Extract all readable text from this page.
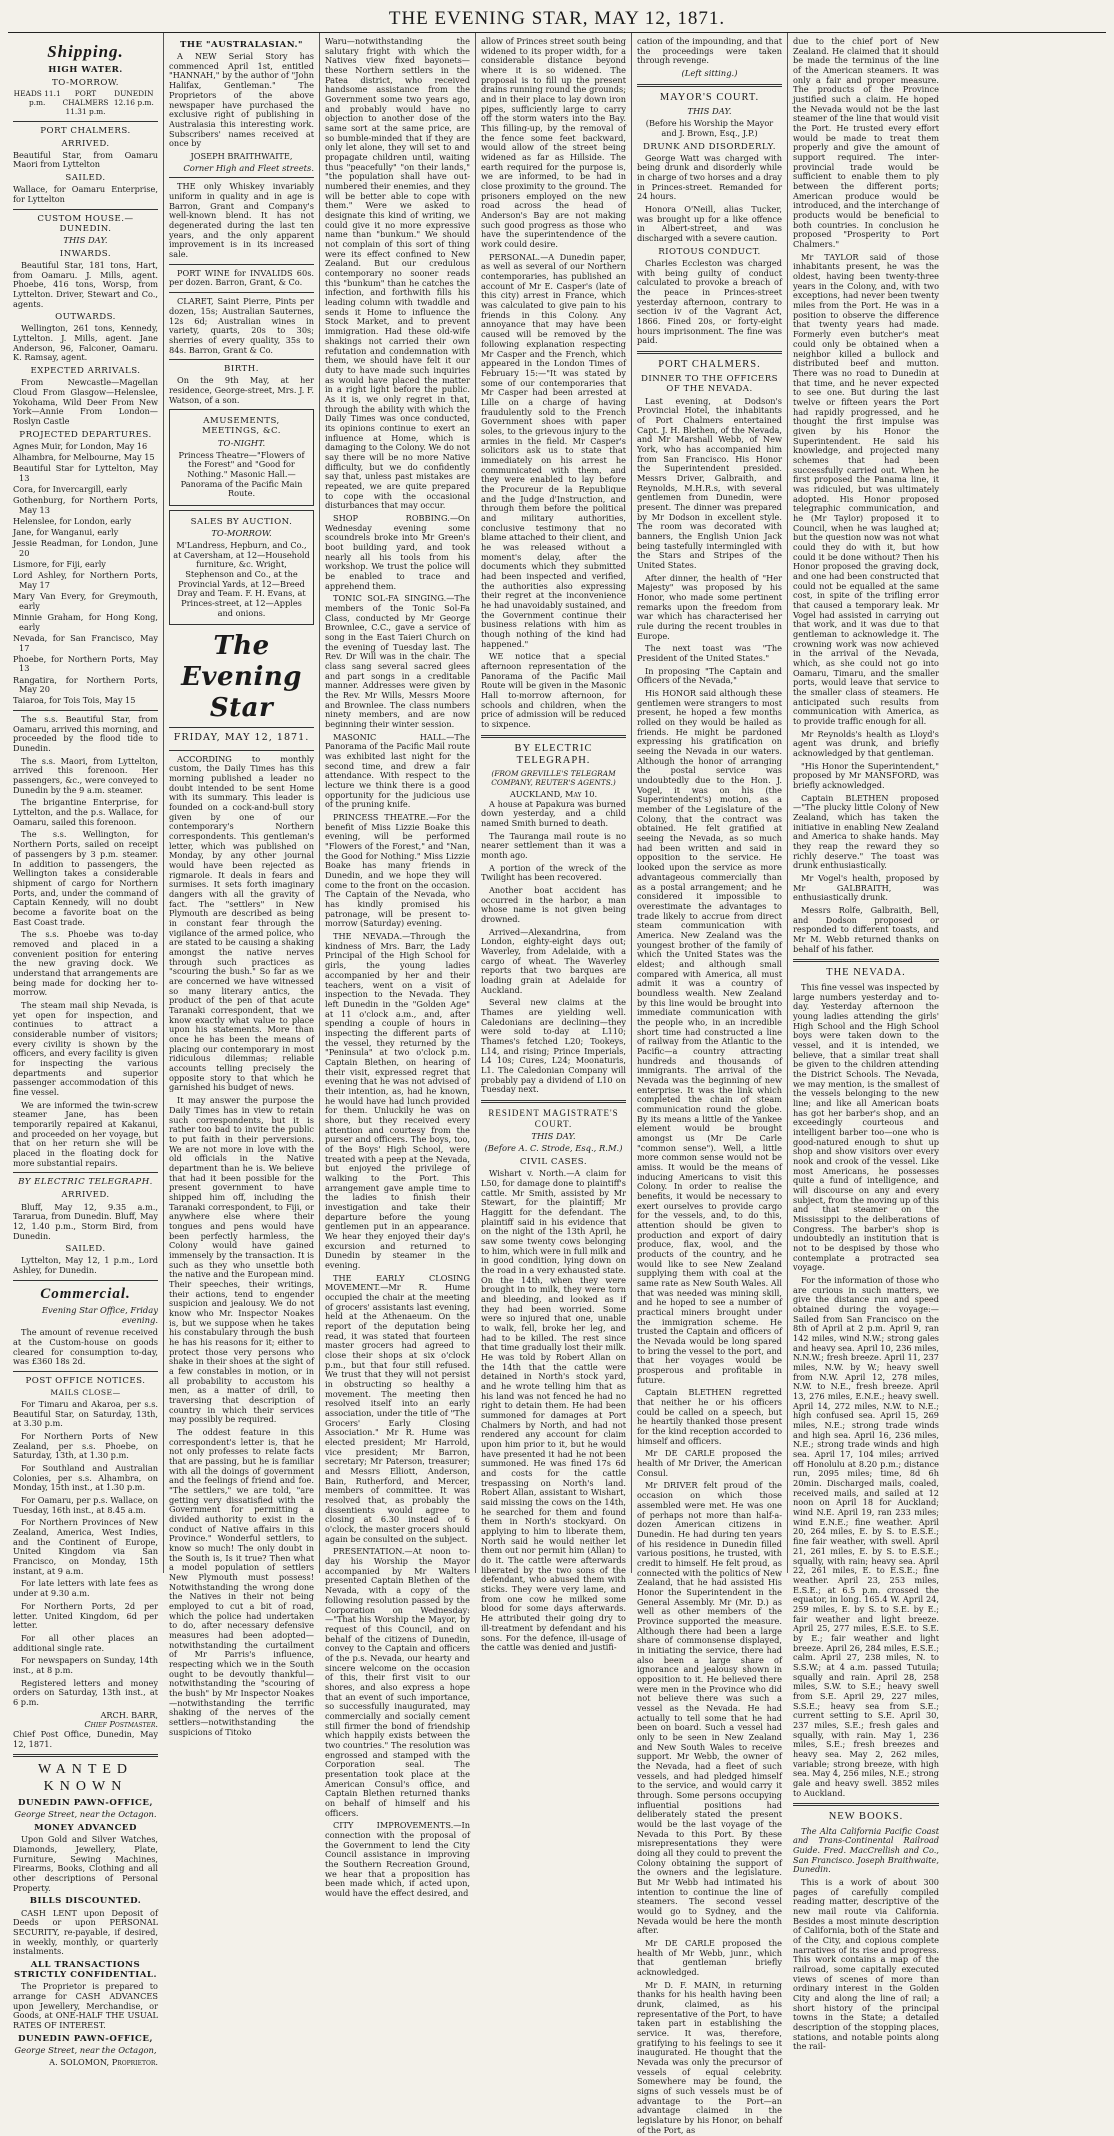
THE EVENING STAR, MAY 12, 1871.
Shipping.
HIGH WATER.
TO-MORROW.
HEADS 11.1 p.m.
PORT CHALMERS 11.31 p.m.
DUNEDIN 12.16 p.m.
PORT CHALMERS.
ARRIVED.

Beautiful Star, from Oamaru Maori from Lyttelton

SAILED.

Wallace, for Oamaru Enterprise, for Lyttelton

CUSTOM HOUSE.—DUNEDIN.
THIS DAY.
INWARDS.

Beautiful Star, 181 tons, Hart, from Oamaru. J. Mills, agent. Phoebe, 416 tons, Worsp, from Lyttelton. Driver, Stewart and Co., agents.

OUTWARDS.

Wellington, 261 tons, Kennedy, Lyttelton. J. Mills, agent. Jane Anderson, 96, Falconer, Oamaru. K. Ramsay, agent.

EXPECTED ARRIVALS.

From Newcastle—Magellan Cloud From Glasgow—Helenslee, Yokohama, Wild Deer From New York—Annie From London—Roslyn Castle

PROJECTED DEPARTURES.

Agnes Muir, for London, May 16

Alhambra, for Melbourne, May 15

Beautiful Star for Lyttelton, May 13

Cora, for Invercargill, early

Gothenburg, for Northern Ports, May 13

Helenslee, for London, early

Jane, for Wanganui, early

Jessie Readman, for London, June 20

Lismore, for Fiji, early

Lord Ashley, for Northern Ports, May 17

Mary Van Every, for Greymouth, early

Minnie Graham, for Hong Kong, early

Nevada, for San Francisco, May 17

Phoebe, for Northern Ports, May 13

Rangatira, for Northern Ports, May 20

Taiaroa, for Tois Tois, May 15

The s.s. Beautiful Star, from Oamaru, arrived this morning, and proceeded by the flood tide to Dunedin.

The s.s. Maori, from Lyttelton, arrived this forenoon. Her passengers, &c., were conveyed to Dunedin by the 9 a.m. steamer.

The brigantine Enterprise, for Lyttelton, and the p.s. Wallace, for Oamaru, sailed this forenoon.

The s.s. Wellington, for Northern Ports, sailed on receipt of passengers by 3 p.m. steamer. In addition to passengers, the Wellington takes a considerable shipment of cargo for Northern Ports, and, under the command of Captain Kennedy, will no doubt become a favorite boat on the East Coast trade.

The s.s. Phoebe was to-day removed and placed in a convenient position for entering the new graving dock. We understand that arrangements are being made for docking her to-morrow.

The steam mail ship Nevada, is yet open for inspection, and continues to attract a considerable number of visitors; every civility is shown by the officers, and every facility is given for inspecting the various departments and superior passenger accommodation of this fine vessel.

We are informed the twin-screw steamer Jane, has been temporarily repaired at Kakanui, and proceeded on her voyage, but that on her return she will be placed in the floating dock for more substantial repairs.

BY ELECTRIC TELEGRAPH.
ARRIVED.

Bluff, May 12, 9.35 a.m., Tararua, from Dunedin. Bluff, May 12, 1.40 p.m., Storm Bird, from Dunedin.

SAILED.

Lyttelton, May 12, 1 p.m., Lord Ashley, for Dunedin.

Commercial.
Evening Star Office, Friday evening.

The amount of revenue received at the Custom-house on goods cleared for consumption to-day, was £360 18s 2d.

POST OFFICE NOTICES.
MAILS CLOSE—

For Timaru and Akaroa, per s.s. Beautiful Star, on Saturday, 13th, at 3.30 p.m.

For Northern Ports of New Zealand, per s.s. Phoebe, on Saturday, 13th, at 1.30 p.m.

For Southland and Australian Colonies, per s.s. Alhambra, on Monday, 15th inst., at 1.30 p.m.

For Oamaru, per p.s. Wallace, on Tuesday, 16th inst., at 8.45 a.m.

For Northern Provinces of New Zealand, America, West Indies, and the Continent of Europe, United Kingdom via San Francisco, on Monday, 15th instant, at 9 a.m.

For late letters with late fees as under at 9.30 a.m.

For Northern Ports, 2d per letter. United Kingdom, 6d per letter.

For all other places an additional single rate.

For newspapers on Sunday, 14th inst., at 8 p.m.

Registered letters and money orders on Saturday, 13th inst., at 6 p.m.

ARCH. BARR,
Chief Postmaster.

Chief Post Office, Dunedin, May 12, 1871.

WANTED KNOWN
DUNEDIN PAWN-OFFICE,
George Street, near the Octagon.
MONEY ADVANCED

Upon Gold and Silver Watches, Diamonds, Jewellery, Plate, Furniture, Sewing Machines, Firearms, Books, Clothing and all other descriptions of Personal Property.

BILLS DISCOUNTED.

CASH LENT upon Deposit of Deeds or upon PERSONAL SECURITY, re-payable, if desired, in weekly, monthly, or quarterly instalments.

ALL TRANSACTIONS STRICTLY CONFIDENTIAL.

The Proprietor is prepared to arrange for CASH ADVANCES upon Jewellery, Merchandise, or Goods, at ONE-HALF THE USUAL RATES OF INTEREST.

DUNEDIN PAWN-OFFICE,
George Street, near the Octagon,
A. SOLOMON, Proprietor.
THE "AUSTRALASIAN."

A NEW Serial Story has commenced April 1st, entitled "HANNAH," by the author of "John Halifax, Gentleman." The Proprietors of the above newspaper have purchased the exclusive right of publishing in Australasia this interesting work. Subscribers' names received at once by

JOSEPH BRAITHWAITE,
Corner High and Fleet streets.

THE only Whiskey invariably uniform in quality and in age is Barron, Grant and Company's well-known blend. It has not degenerated during the last ten years, and the only apparent improvement is in its increased sale.

PORT WINE for INVALIDS 60s. per dozen. Barron, Grant, & Co.

CLARET, Saint Pierre, Pints per dozen, 15s; Australian Sauternes, 12s 6d; Australian wines in variety, quarts, 20s to 30s; sherries of every quality, 35s to 84s. Barron, Grant & Co.

BIRTH.

On the 9th May, at her residence, George-street, Mrs. J. F. Watson, of a son.

AMUSEMENTS, MEETINGS, &C.
TO-NIGHT.

Princess Theatre—"Flowers of the Forest" and "Good for Nothing." Masonic Hall.—Panorama of the Pacific Main Route.

SALES BY AUCTION.
TO-MORROW.

M'Landress, Hepburn, and Co., at Caversham, at 12—Household furniture, &c. Wright, Stephenson and Co., at the Provincial Yards, at 12—Breed Dray and Team. F. H. Evans, at Princes-street, at 12—Apples and onions.

The Evening Star
FRIDAY, MAY 12, 1871.

ACCORDING to monthly custom, the Daily Times has this morning published a leader no doubt intended to be sent Home with its summary. This leader is founded on a cock-and-bull story given by one of our contemporary's Northern correspondents. This gentleman's letter, which was published on Monday, by any other journal would have been rejected as rigmarole. It deals in fears and surmises. It sets forth imaginary dangers with all the gravity of fact. The "settlers" in New Plymouth are described as being in constant fear through the vigilance of the armed police, who are stated to be causing a shaking amongst the native nerves through such practices as "scouring the bush." So far as we are concerned we have witnessed so many literary antics, the product of the pen of that acute Taranaki correspondent, that we know exactly what value to place upon his statements. More than once he has been the means of placing our contemporary in most ridiculous dilemmas; reliable accounts telling precisely the opposite story to that which he garnished his budget of news.

It may answer the purpose the Daily Times has in view to retain such correspondents, but it is rather too bad to invite the public to put faith in their perversions. We are not more in love with the old officials in the Native department than he is. We believe that had it been possible for the present government to have shipped him off, including the Taranaki correspondent, to Fiji, or anywhere else where their tongues and pens would have been perfectly harmless, the Colony would have gained immensely by the transaction. It is such as they who unsettle both the native and the European mind. Their speeches, their writings, their actions, tend to engender suspicion and jealousy. We do not know who Mr. Inspector Noakes is, but we suppose when he takes his constabulary through the bush he has his reasons for it; either to protect those very persons who shake in their shoes at the sight of a few constables in motion, or in all probability to accustom his men, as a matter of drill, to traversing that description of country in which their services may possibly be required.

The oddest feature in this correspondent's letter is, that he not only professes to relate facts that are passing, but he is familiar with all the doings of government and the feelings of friend and foe. "The settlers," we are told, "are getting very dissatisfied with the Government for permitting a divided authority to exist in the conduct of Native affairs in this Province." Wonderful settlers, to know so much! The only doubt in the South is, Is it true? Then what a model population of settlers New Plymouth must possess! Notwithstanding the wrong done the Natives in their not being employed to cut a bit of road, which the police had undertaken to do, after necessary defensive measures had been adopted—notwithstanding the curtailment of Mr Parris's influence, respecting which we in the South ought to be devoutly thankful—notwithstanding the "scouring of the bush" by Mr Inspector Noakes—notwithstanding the terrific shaking of the nerves of the settlers—notwithstanding the suspicions of Titoko

Waru—notwithstanding the salutary fright with which the Natives view fixed bayonets—these Northern settlers in the Patea district, who received handsome assistance from the Government some two years ago, and probably would have no objection to another dose of the same sort at the same price, are so bumble-minded that if they are only let alone, they will set to and propagate children until, waiting thus "peacefully" "on their lands," "the population shall have out-numbered their enemies, and they will be better able to cope with them." Were we asked to designate this kind of writing, we could give it no more expressive name than "bunkum." We should not complain of this sort of thing were its effect confined to New Zealand. But our credulous contemporary no sooner reads this "bunkum" than he catches the infection, and forthwith fills his leading column with twaddle and sends it Home to influence the Stock Market, and to prevent immigration. Had these old-wife shakings not carried their own refutation and condemnation with them, we should have felt it our duty to have made such inquiries as would have placed the matter in a right light before the public. As it is, we only regret in that, through the ability with which the Daily Times was once conducted, its opinions continue to exert an influence at Home, which is damaging to the Colony. We do not say there will be no more Native difficulty, but we do confidently say that, unless past mistakes are repeated, we are quite prepared to cope with the occasional disturbances that may occur.

SHOP ROBBING.—On Wednesday evening some scoundrels broke into Mr Green's boot building yard, and took nearly all his tools from his workshop. We trust the police will be enabled to trace and apprehend them.

TONIC SOL-FA SINGING.—The members of the Tonic Sol-Fa Class, conducted by Mr George Brownlee, C.C., gave a service of song in the East Taieri Church on the evening of Tuesday last. The Rev. Dr Will was in the chair. The class sang several sacred glees and part songs in a creditable manner. Addresses were given by the Rev. Mr Wills, Messrs Moore and Brownlee. The class numbers ninety members, and are now beginning their winter session.

MASONIC HALL.—The Panorama of the Pacific Mail route was exhibited last night for the second time, and drew a fair attendance. With respect to the lecture we think there is a good opportunity for the judicious use of the pruning knife.

PRINCESS THEATRE.—For the benefit of Miss Lizzie Boake this evening, will be performed "Flowers of the Forest," and "Nan, the Good for Nothing." Miss Lizzie Boake has many friends in Dunedin, and we hope they will come to the front on the occasion. The Captain of the Nevada, who has kindly promised his patronage, will be present to-morrow (Saturday) evening.

THE NEVADA.—Through the kindness of Mrs. Barr, the Lady Principal of the High School for girls, the young ladies accompanied by her and their teachers, went on a visit of inspection to the Nevada. They left Dunedin in the "Golden Age" at 11 o'clock a.m., and, after spending a couple of hours in inspecting the different parts of the vessel, they returned by the "Peninsula" at two o'clock p.m. Captain Blethen, on hearing of their visit, expressed regret that evening that he was not advised of their intention, as, had he known, he would have had lunch provided for them. Unluckily he was on shore, but they received every attention and courtesy from the purser and officers. The boys, too, of the Boys' High School, were treated with a peep at the Nevada, but enjoyed the privilege of walking to the Port. This arrangement gave ample time to the ladies to finish their investigation and take their departure before the young gentlemen put in an appearance. We hear they enjoyed their day's excursion and returned to Dunedin by steamer in the evening.

THE EARLY CLOSING MOVEMENT.—Mr R. Hume occupied the chair at the meeting of grocers' assistants last evening, held at the Athenaeum. On the report of the deputation being read, it was stated that fourteen master grocers had agreed to close their shops at six o'clock p.m., but that four still refused. We trust that they will not persist in obstructing so healthy a movement. The meeting then resolved itself into an early association, under the title of "The Grocers' Early Closing Association." Mr R. Hume was elected president; Mr Harrold, vice president; Mr Barron, secretary; Mr Paterson, treasurer; and Messrs Elliott, Anderson, Bain, Rutherford, and Mercer, members of committee. It was resolved that, as probably the dissentients would agree to closing at 6.30 instead of 6 o'clock, the master grocers should again be consulted on the subject.

PRESENTATION.—At noon to-day his Worship the Mayor accompanied by Mr Walters presented Captain Blethen of the Nevada, with a copy of the following resolution passed by the Corporation on Wednesday:—"That his Worship the Mayor, by request of this Council, and on behalf of the citizens of Dunedin, convey to the Captain and officers of the p.s. Nevada, our hearty and sincere welcome on the occasion of this, their first visit to our shores, and also express a hope that an event of such importance, so successfully inaugurated, may commercially and socially cement still firmer the bond of friendship which happily exists between the two countries." The resolution was engrossed and stamped with the Corporation seal. The presentation took place at the American Consul's office, and Captain Blethen returned thanks on behalf of himself and his officers.

CITY IMPROVEMENTS.—In connection with the proposal of the Government to lend the City Council assistance in improving the Southern Recreation Ground, we hear that a proposition has been made which, if acted upon, would have the effect desired, and

allow of Princes street south being widened to its proper width, for a considerable distance beyond where it is so widened. The proposal is to fill up the present drains running round the grounds; and in their place to lay down iron pipes, sufficiently large to carry off the storm waters into the Bay. This filling-up, by the removal of the fence some feet backward, would allow of the street being widened as far as Hillside. The earth required for the purpose is, we are informed, to be had in close proximity to the ground. The prisoners employed on the new road across the head of Anderson's Bay are not making such good progress as those who have the superintendence of the work could desire.

PERSONAL.—A Dunedin paper, as well as several of our Northern contemporaries, has published an account of Mr E. Casper's (late of this city) arrest in France, which was calculated to give pain to his friends in this Colony. Any annoyance that may have been caused will be removed by the following explanation respecting Mr Casper and the French, which appeared in the London Times of February 15:—"It was stated by some of our contemporaries that Mr Casper had been arrested at Lille on a charge of having fraudulently sold to the French Government shoes with paper soles, to the grievous injury to the armies in the field. Mr Casper's solicitors ask us to state that immediately on his arrest he communicated with them, and they were enabled to lay before the Procureur de la Republique and the Judge d'Instruction, and through them before the political and military authorities, conclusive testimony that no blame attached to their client, and he was released without a moment's delay, after the documents which they submitted had been inspected and verified, the authorities also expressing their regret at the inconvenience he had unavoidably sustained, and the Government continue their business relations with him as though nothing of the kind had happened."

WE notice that a special afternoon representation of the Panorama of the Pacific Mail Route will be given in the Masonic Hall to-morrow afternoon, for schools and children, when the price of admission will be reduced to sixpence.

BY ELECTRIC TELEGRAPH.
(FROM GREVILLE'S TELEGRAM COMPANY, REUTER'S AGENTS.)
AUCKLAND, May 10.

A house at Papakura was burned down yesterday, and a child named Smith burned to death.

The Tauranga mail route is no nearer settlement than it was a month ago.

A portion of the wreck of the Twilight has been recovered.

Another boat accident has occurred in the harbor, a man whose name is not given being drowned.

Arrived—Alexandrina, from London, eighty-eight days out; Waverley, from Adelaide, with a cargo of wheat. The Waverley reports that two barques are loading grain at Adelaide for Auckland.

Several new claims at the Thames are yielding well. Caledonians are declining—they were sold to-day at L110; Thames's fetched L20; Tookeys, L14, and rising; Prince Imperials, L4 10s; Cures, L24; Moonaturis, L1. The Caledonian Company will probably pay a dividend of L10 on Tuesday next.

RESIDENT MAGISTRATE'S COURT.
THIS DAY.
(Before A. C. Strode, Esq., R.M.)
CIVIL CASES.

Wishart v. North.—A claim for L50, for damage done to plaintiff's cattle. Mr Smith, assisted by Mr Stewart, for the plaintiff; Mr Haggitt for the defendant. The plaintiff said in his evidence that on the night of the 13th April, he saw some twenty cows belonging to him, which were in full milk and in good condition, lying down on the road in a very exhausted state. On the 14th, when they were brought in to milk, they were torn and bleeding, and looked as if they had been worried. Some were so injured that one, unable to walk, fell, broke her leg, and had to be killed. The rest since that time gradually lost their milk. He was told by Robert Allan on the 14th that the cattle were detained in North's stock yard, and he wrote telling him that as his land was not fenced he had no right to detain them. He had been summoned for damages at Port Chalmers by North, and had not rendered any account for claim upon him prior to it, but he would have presented it had he not been summoned. He was fined 17s 6d and costs for the cattle trespassing on North's land. Robert Allan, assistant to Wishart, said missing the cows on the 14th, he searched for them and found them in North's stockyard. On applying to him to liberate them, North said he would neither let them out nor permit him (Allan) to do it. The cattle were afterwards liberated by the two sons of the defendant, who abused them with sticks. They were very lame, and from one cow he milked some blood for some days afterwards. He attributed their going dry to ill-treatment by defendant and his sons. For the defence, ill-usage of the cattle was denied and justifi-

cation of the impounding, and that the proceedings were taken through revenge.

(Left sitting.)
MAYOR'S COURT.
THIS DAY.

(Before his Worship the Mayor and J. Brown, Esq., J.P.)

DRUNK AND DISORDERLY.

George Watt was charged with being drunk and disorderly while in charge of two horses and a dray in Princes-street. Remanded for 24 hours.

Honora O'Neill, alias Tucker, was brought up for a like offence in Albert-street, and was discharged with a severe caution.

RIOTOUS CONDUCT.

Charles Eccleston was charged with being guilty of conduct calculated to provoke a breach of the peace in Princes-street yesterday afternoon, contrary to section iv of the Vagrant Act, 1866. Fined 20s, or forty-eight hours imprisonment. The fine was paid.

PORT CHALMERS.
DINNER TO THE OFFICERS OF THE NEVADA.

Last evening, at Dodson's Provincial Hotel, the inhabitants of Port Chalmers entertained Capt. J. H. Blethen, of the Nevada, and Mr Marshall Webb, of New York, who has accompanied him from San Francisco. His Honor the Superintendent presided. Messrs Driver, Galbraith, and Reynolds, M.H.R.s, with several gentlemen from Dunedin, were present. The dinner was prepared by Mr Dodson in excellent style. The room was decorated with banners, the English Union Jack being tastefully intermingled with the Stars and Stripes of the United States.

After dinner, the health of "Her Majesty" was proposed by his Honor, who made some pertinent remarks upon the freedom from war which has characterised her rule during the recent troubles in Europe.

The next toast was "The President of the United States."

In proposing "The Captain and Officers of the Nevada,"

His HONOR said although these gentlemen were strangers to most present, he hoped a few months rolled on they would be hailed as friends. He might be pardoned expressing his gratification on seeing the Nevada in our waters. Although the honor of arranging the postal service was undoubtedly due to the Hon. J. Vogel, it was on his (the Superintendent's) motion, as a member of the Legislature of the Colony, that the contract was obtained. He felt gratified at seeing the Nevada, as so much had been written and said in opposition to the service. He looked upon the service as more advantageous commercially than as a postal arrangement; and he considered it impossible to overestimate the advantages to trade likely to accrue from direct steam communication with America. New Zealand was the youngest brother of the family of which the United States was the eldest; and although small compared with America, all must admit it was a country of boundless wealth. New Zealand by this line would be brought into immediate communication with the people who, in an incredible short time had constructed a line of railway from the Atlantic to the Pacific—a country attracting hundreds and thousands of immigrants. The arrival of the Nevada was the beginning of new enterprise. It was the link which completed the chain of steam communication round the globe. By its means a little of the Yankee element would be brought amongst us (Mr De Carle "common sense"). Well, a little more common sense would not be amiss. It would be the means of inducing Americans to visit this Colony. In order to realise the benefits, it would be necessary to exert ourselves to provide cargo for the vessels, and, to do this, attention should be given to production and export of dairy produce, flax, wool, and the products of the country, and he would like to see New Zealand supplying them with coal at the same rate as New South Wales. All that was needed was mining skill, and he hoped to see a number of practical miners brought under the immigration scheme. He trusted the Captain and officers of the Nevada would be long spared to bring the vessel to the port, and that her voyages would be prosperous and profitable in future.

Captain BLETHEN regretted that neither he or his officers could be called on a speech, but he heartily thanked those present for the kind reception accorded to himself and officers.

Mr DE CARLE proposed the health of Mr Driver, the American Consul.

Mr DRIVER felt proud of the occasion on which those assembled were met. He was one of perhaps not more than half-a-dozen American citizens in Dunedin. He had during ten years of his residence in Dunedin filled various positions, he trusted, with credit to himself. He felt proud, as connected with the politics of New Zealand, that he had assisted His Honor the Superintendent in the General Assembly. Mr (Mr. D.) as well as other members of the Province supported the measure. Although there had been a large share of commonsense displayed, in initiating the service, there had also been a large share of ignorance and jealousy shown in opposition to it. He believed there were men in the Province who did not believe there was such a vessel as the Nevada. He had actually to tell some that he had been on board. Such a vessel had only to be seen in New Zealand and New South Wales to receive support. Mr Webb, the owner of the Nevada, had a fleet of such vessels, and had pledged himself to the service, and would carry it through. Some persons occupying influential positions had deliberately stated the present would be the last voyage of the Nevada to this Port. By these misrepresentations they were doing all they could to prevent the Colony obtaining the support of the owners and the legislature. But Mr Webb had intimated his intention to continue the line of steamers. The second vessel would go to Sydney, and the Nevada would be here the month after.

Mr DE CARLE proposed the health of Mr Webb, junr., which that gentleman briefly acknowledged.

Mr D. F. MAIN, in returning thanks for his health having been drunk, claimed, as his representative of the Port, to have taken part in establishing the service. It was, therefore, gratifying to his feelings to see it inaugurated. He thought that the Nevada was only the precursor of vessels of equal celebrity. Somewhere may be found, the signs of such vessels must be of advantage to the Port—an advantage claimed in the legislature by his Honor, on behalf of the Port, as

due to the chief port of New Zealand. He claimed that it should be made the terminus of the line of the American steamers. It was only a fair and proper measure. The products of the Province justified such a claim. He hoped the Nevada would not be the last steamer of the line that would visit the Port. He trusted every effort would be made to treat them properly and give the amount of support required. The inter-provincial trade would be sufficient to enable them to ply between the different ports; American produce would be introduced, and the interchange of products would be beneficial to both countries. In conclusion he proposed "Prosperity to Port Chalmers."

Mr TAYLOR said of those inhabitants present, he was the oldest, having been twenty-three years in the Colony, and, with two exceptions, had never been twenty miles from the Port. He was in a position to observe the difference that twenty years had made. Formerly even butcher's meat could only be obtained when a neighbor killed a bullock and distributed beef and mutton. There was no road to Dunedin at that time, and he never expected to see one. But during the last twelve or fifteen years the Port had rapidly progressed, and he thought the first impulse was given by his Honor the Superintendent. He said his knowledge, and projected many schemes that had been successfully carried out. When he first proposed the Panama line, it was ridiculed, but was ultimately adopted. His Honor proposed telegraphic communication, and he (Mr Taylor) proposed it to Council, when he was laughed at; but the question now was not what could they do with it, but how could it be done without? Then his Honor proposed the graving dock, and one had been constructed that could not be equalled at the same cost, in spite of the trifling error that caused a temporary leak. Mr Vogel had assisted in carrying out that work, and it was due to that gentleman to acknowledge it. The crowning work was now achieved in the arrival of the Nevada, which, as she could not go into Oamaru, Timaru, and the smaller ports, would leave that service to the smaller class of steamers. He anticipated such results from communication with America, as to provide traffic enough for all.

Mr Reynolds's health as Lloyd's agent was drunk, and briefly acknowledged by that gentleman.

"His Honor the Superintendent," proposed by Mr MANSFORD, was briefly acknowledged.

Captain BLETHEN proposed—"The plucky little Colony of New Zealand, which has taken the initiative in enabling New Zealand and America to shake hands. May they reap the reward they so richly deserve." The toast was drunk enthusiastically.

Mr Vogel's health, proposed by Mr GALBRAITH, was enthusiastically drunk.

Messrs Rolfe, Galbraith, Bell, and Dodson proposed or responded to different toasts, and Mr M. Webb returned thanks on behalf of his father.

THE NEVADA.

This fine vessel was inspected by large numbers yesterday and to-day. Yesterday afternoon the young ladies attending the girls' High School and the High School boys were taken down to the vessel, and it is intended, we believe, that a similar treat shall be given to the children attending the District Schools. The Nevada, we may mention, is the smallest of the vessels belonging to the new line; and like all American boats has got her barber's shop, and an exceedingly courteous and intelligent barber too—one who is good-natured enough to shut up shop and show visitors over every nook and crook of the vessel. Like most Americans, he possesses quite a fund of intelligence, and will discourse on any and every subject, from the moving up of this and that steamer on the Mississippi to the deliberations of Congress. The barber's shop is undoubtedly an institution that is not to be despised by those who contemplate a protracted sea voyage.

For the information of those who are curious in such matters, we give the distance run and speed obtained during the voyage:—Sailed from San Francisco on the 8th of April at 2 p.m. April 9, ran 142 miles, wind N.W.; strong gales and heavy sea. April 10, 236 miles, N.N.W.; fresh breeze. April 11, 237 miles, N.W. by W.; heavy swell from N.W. April 12, 278 miles, N.W. to N.E., fresh breeze. April 13, 276 miles, E.N.E.; heavy swell. April 14, 272 miles, N.W. to N.E.; high confused sea. April 15, 269 miles, N.E.; strong trade winds and high sea. April 16, 236 miles, N.E.; strong trade winds and high sea. April 17, 104 miles; arrived off Honolulu at 8.20 p.m.; distance run, 2095 miles; time, 8d 6h 20min. Discharged mails, coaled, received mails, and sailed at 12 noon on April 18 for Auckland; wind N.E. April 19, ran 233 miles; wind E.N.E.; fine weather. April 20, 264 miles, E. by S. to E.S.E.; fine fair weather, with swell. April 21, 261 miles, E. by S. to E.S.E.; squally, with rain; heavy sea. April 22, 261 miles, E. to E.S.E.; fine weather. April 23, 253 miles, E.S.E.; at 6.5 p.m. crossed the equator, in long. 165.4 W. April 24, 259 miles, E. by S. to S.E. by E.; fair weather and light breeze. April 25, 277 miles, E.S.E. to S.E. by E.; fair weather and light breeze. April 26, 284 miles, E.S.E.; calm. April 27, 238 miles, N. to S.S.W.; at 4 a.m. passed Tutuila; squally and rain. April 28, 258 miles, S.W. to S.E.; heavy swell from S.E. April 29, 227 miles, S.S.E.; heavy sea from S.E.; current setting to S.E. April 30, 237 miles, S.E.; fresh gales and squally, with rain. May 1, 236 miles, S.E.; fresh breezes and heavy sea. May 2, 262 miles, variable; strong breeze, with high sea. May 4, 256 miles, N.E.; strong gale and heavy swell. 3852 miles to Auckland.

NEW BOOKS.

The Alta California Pacific Coast and Trans-Continental Railroad Guide. Fred. MacCrellish and Co., San Francisco. Joseph Braithwaite, Dunedin.

This is a work of about 300 pages of carefully compiled reading matter, descriptive of the new mail route via California. Besides a most minute description of California, both of the State and of the City, and copious complete narratives of its rise and progress. This work contains a map of the railroad, some capitally executed views of scenes of more than ordinary interest in the Golden City and along the line of rail; a short history of the principal towns in the State; a detailed description of the stopping places, stations, and notable points along the rail-
